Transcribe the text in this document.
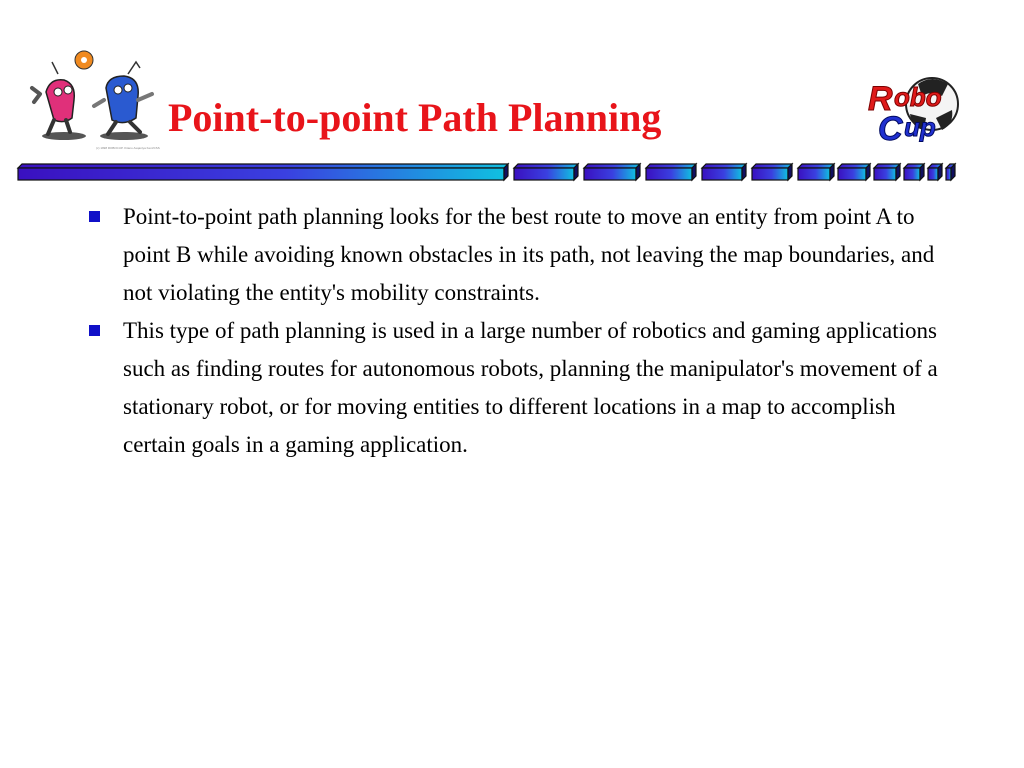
(c) 1998 ROBOCUP. Kitano Asqaniya Kent/CSS
Point-to-point Path Planning	R obo
C up
Point-to-point path planning looks for the best route to move an entity from point A to point B while avoiding known obstacles in its path, not leaving the map boundaries, and not violating the entity's mobility constraints.
This type of path planning is used in a large number of robotics and gaming applications such as finding routes for autonomous robots, planning the manipulator's movement of a stationary robot, or for moving entities to different locations in a map to accomplish certain goals in a gaming application.
